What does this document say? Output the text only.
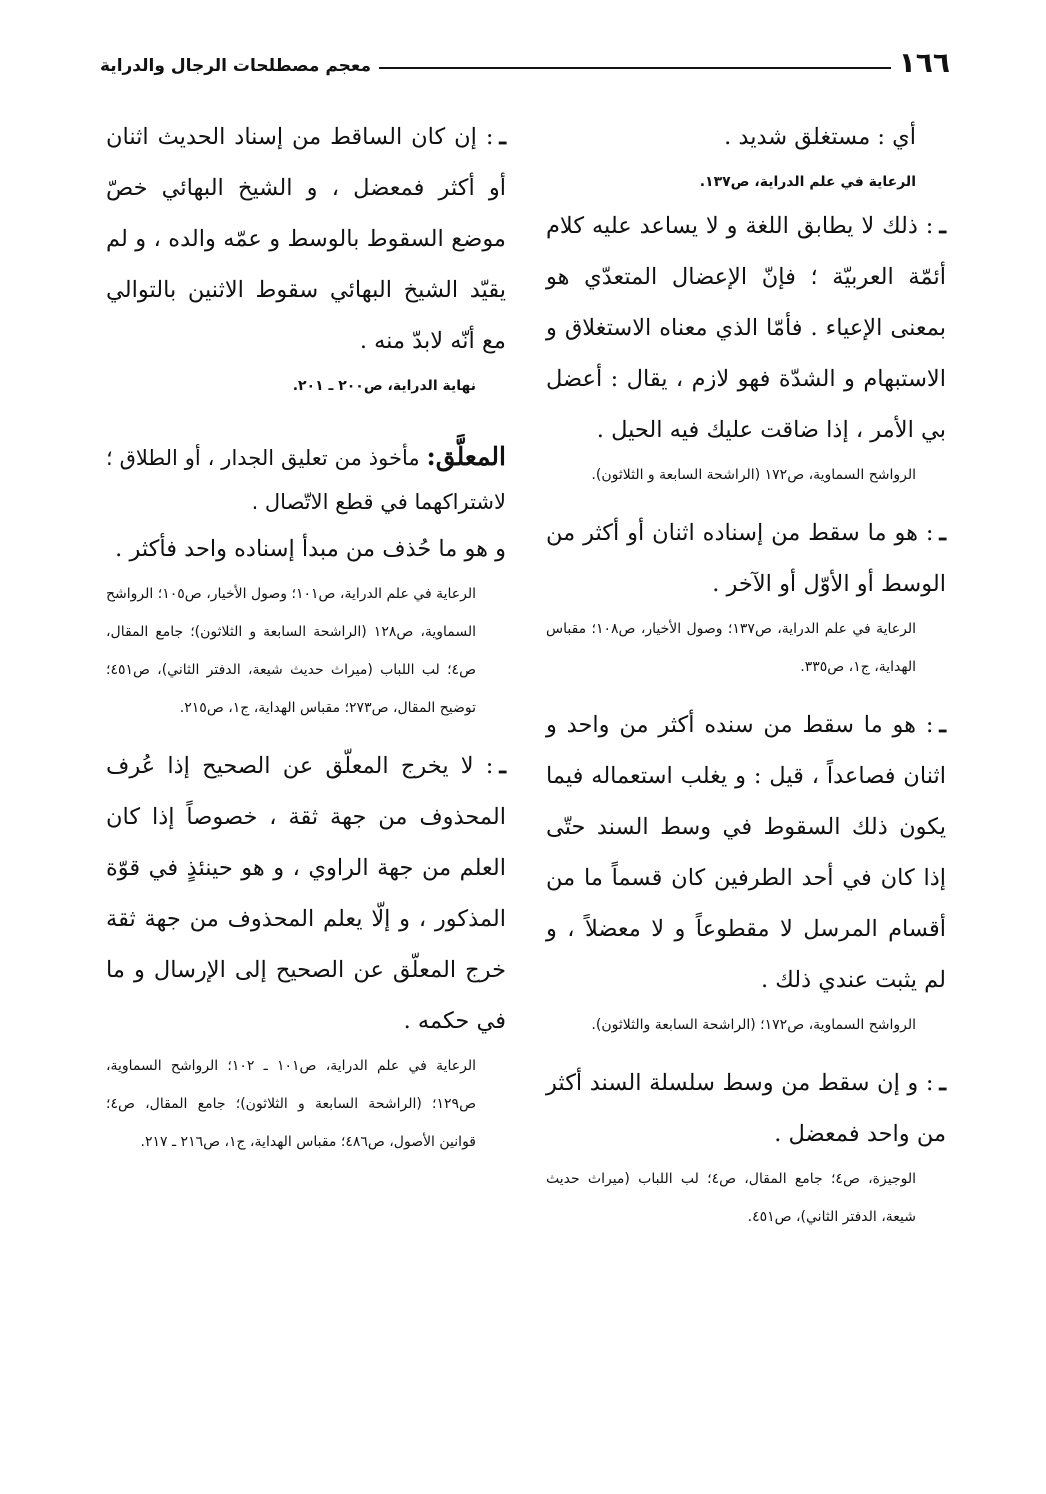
١٦٦
معجم مصطلحات الرجال والدراية

أي : مستغلق شديد .

الرعاية في علم الدراية، ص١٣٧.

ـ: ذلك لا يطابق اللغة و لا يساعد عليه كلام أئمّة العربيّة ؛ فإنّ الإعضال المتعدّي هو بمعنى الإعياء . فأمّا الذي معناه الاستغلاق و الاستبهام و الشدّة فهو لازم ، يقال : أعضل بي الأمر ، إذا ضاقت عليك فيه الحيل .

الرواشح السماوية، ص١٧٢ (الراشحة السابعة و الثلاثون).

ـ: هو ما سقط من إسناده اثنان أو أكثر من الوسط أو الأوّل أو الآخر .

الرعاية في علم الدراية، ص١٣٧؛ وصول الأخيار، ص١٠٨؛ مقباس الهداية، ج١، ص٣٣٥.

ـ: هو ما سقط من سنده أكثر من واحد و اثنان فصاعداً ، قيل : و يغلب استعماله فيما يكون ذلك السقوط في وسط السند حتّى إذا كان في أحد الطرفين كان قسماً ما من أقسام المرسل لا مقطوعاً و لا معضلاً ، و لم يثبت عندي ذلك .

الرواشح السماوية، ص١٧٢؛ (الراشحة السابعة والثلاثون).

ـ: و إن سقط من وسط سلسلة السند أكثر من واحد فمعضل .

الوجيزة، ص٤؛ جامع المقال، ص٤؛ لب اللباب (ميراث حديث شيعة، الدفتر الثاني)، ص٤٥١.

ـ: إن كان الساقط من إسناد الحديث اثنان أو أكثر فمعضل ، و الشيخ البهائي خصّ موضع السقوط بالوسط و عمّه والده ، و لم يقيّد الشيخ البهائي سقوط الاثنين بالتوالي مع أنّه لابدّ منه .

نهاية الدراية، ص٢٠٠ ـ ٢٠١.

المعلَّق: مأخوذ من تعليق الجدار ، أو الطلاق ؛ لاشتراكهما في قطع الاتّصال .

و هو ما حُذف من مبدأ إسناده واحد فأكثر .

الرعاية في علم الدراية، ص١٠١؛ وصول الأخيار، ص١٠٥؛ الرواشح السماوية، ص١٢٨ (الراشحة السابعة و الثلاثون)؛ جامع المقال، ص٤؛ لب اللباب (ميراث حديث شيعة، الدفتر الثاني)، ص٤٥١؛ توضيح المقال، ص٢٧٣؛ مقباس الهداية، ج١، ص٢١٥.

ـ: لا يخرج المعلّق عن الصحيح إذا عُرف المحذوف من جهة ثقة ، خصوصاً إذا كان العلم من جهة الراوي ، و هو حينئذٍ في قوّة المذكور ، و إلّا يعلم المحذوف من جهة ثقة خرج المعلّق عن الصحيح إلى الإرسال و ما في حكمه .

الرعاية في علم الدراية، ص١٠١ ـ ١٠٢؛ الرواشح السماوية، ص١٢٩؛ (الراشحة السابعة و الثلاثون)؛ جامع المقال، ص٤؛ قوانين الأصول، ص٤٨٦؛ مقباس الهداية، ج١، ص٢١٦ ـ ٢١٧.
